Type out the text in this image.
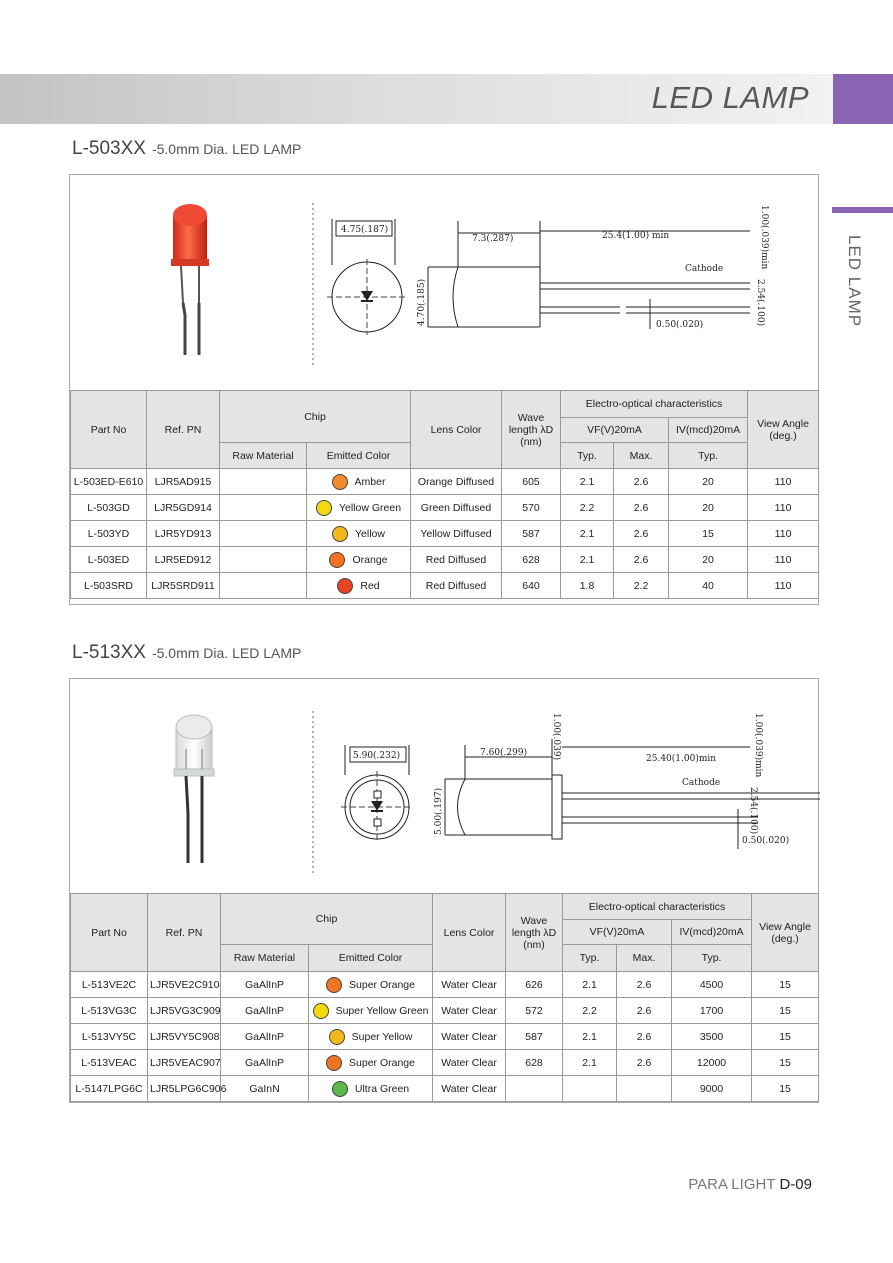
LED LAMP
LED LAMP
L-503XX -5.0mm Dia. LED LAMP
4.75(.187)
7.3(.287)	25.4(1.00) min
Cathode	1.00(.039)min
4.70(.185)	2.54(.100)
0.50(.020)
Part No	Ref. PN	Chip		Lens Color	Wave length λD (nm)	Electro-optical characteristics			View Angle (deg.)
						VF(V)20mA		IV(mcd)20mA	
		Raw Material	Emitted Color			Typ.	Max.	Typ.	
L-503ED-E610	LJR5AD915		Amber	Orange Diffused	605	2.1	2.6	20	110
L-503GD	LJR5GD914		Yellow Green	Green Diffused	570	2.2	2.6	20	110
L-503YD	LJR5YD913		Yellow	Yellow Diffused	587	2.1	2.6	15	110
L-503ED	LJR5ED912		Orange	Red Diffused	628	2.1	2.6	20	110
L-503SRD	LJR5SRD911		Red	Red Diffused	640	1.8	2.2	40	110
L-513XX -5.0mm Dia. LED LAMP
5.90(.232)	7.60(.299)
25.40(1.00)min
Cathode
1.00(.039)	1.00(.039)min
5.00(.197)	2.54(.100)
0.50(.020)
Part No	Ref. PN	Chip		Lens Color	Wave length λD (nm)	Electro-optical characteristics			View Angle (deg.)
						VF(V)20mA		IV(mcd)20mA	
		Raw Material	Emitted Color			Typ.	Max.	Typ.	
L-513VE2C	LJR5VE2C910	GaAlInP	Super Orange	Water Clear	626	2.1	2.6	4500	15
L-513VG3C	LJR5VG3C909	GaAlInP	Super Yellow Green	Water Clear	572	2.2	2.6	1700	15
L-513VY5C	LJR5VY5C908	GaAlInP	Super Yellow	Water Clear	587	2.1	2.6	3500	15
L-513VEAC	LJR5VEAC907	GaAlInP	Super Orange	Water Clear	628	2.1	2.6	12000	15
L-5147LPG6C	LJR5LPG6C906	GaInN	Ultra Green	Water Clear				9000	15
PARA LIGHT D-09
